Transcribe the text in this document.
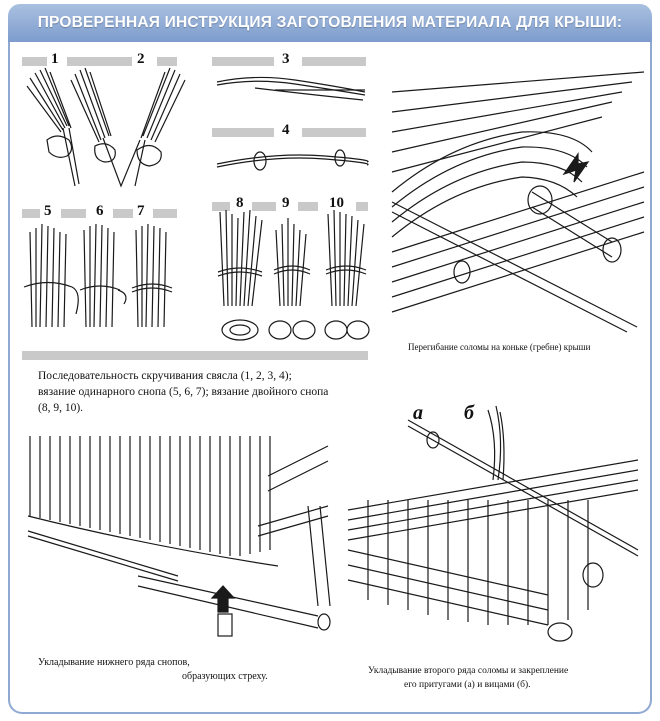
ПРОВЕРЕННАЯ ИНСТРУКЦИЯ ЗАГОТОВЛЕНИЯ МАТЕРИАЛА ДЛЯ КРЫШИ:
1	2	3
4
5	6 7	8	9	10
а б
Перегибание соломы на коньке (гребне) крыши
Последовательность скручивания свясла (1, 2, 3, 4);
вязание одинарного снопа (5, 6, 7); вязание двойного снопа
(8, 9, 10).
Укладывание нижнего ряда снопов,
образующих стреху.	Укладывание второго ряда соломы и закрепление
его притугами (а) и вицами (б).
